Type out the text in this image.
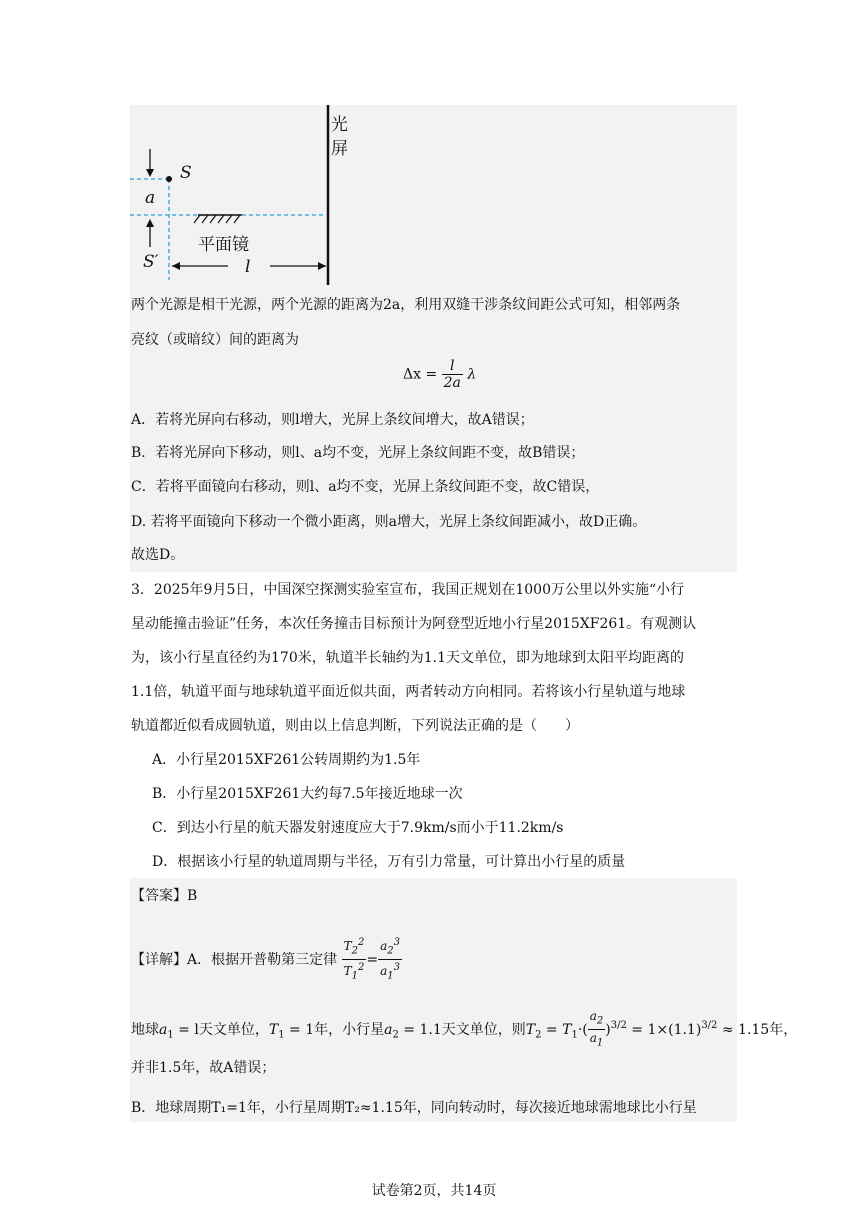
光
屏
S
a
平面镜
S′	l
两个光源是相干光源，两个光源的距离为2a，利用双缝干涉条纹间距公式可知，相邻两条
亮纹（或暗纹）间的距离为
$\Delta x = \frac{l}{2a}$ λ
A．若将光屏向右移动，则l增大，光屏上条纹间增大，故A错误；
B．若将光屏向下移动，则l、a均不变，光屏上条纹间距不变，故B错误；
C．若将平面镜向右移动，则l、a均不变，光屏上条纹间距不变，故C错误，
D. 若将平面镜向下移动一个微小距离，则a增大，光屏上条纹间距减小，故D正确。
故选D。
3．2025年9月5日，中国深空探测实验室宣布，我国正规划在1000万公里以外实施“小行
星动能撞击验证”任务，本次任务撞击目标预计为阿登型近地小行星2015XF261。有观测认
为，该小行星直径约为170米，轨道半长轴约为1.1天文单位，即为地球到太阳平均距离的
1.1倍，轨道平面与地球轨道平面近似共面，两者转动方向相同。若将该小行星轨道与地球
轨道都近似看成圆轨道，则由以上信息判断，下列说法正确的是（　　）
A．小行星2015XF261公转周期约为1.5年
B．小行星2015XF261大约每7.5年接近地球一次
C．到达小行星的航天器发射速度应大于7.9km/s而小于11.2km/s
D．根据该小行星的轨道周期与半径，万有引力常量，可计算出小行星的质量
【答案】B
【详解】A．根据开普勒第三定律 $\frac{T_2^2}{T_1^2} = \frac{a_2^3}{a_1^3}$
地球$a_1 = l$天文单位，$T_1 = 1$年，小行星$a_2 = 1.1$天文单位，则$T_2 = T_1\cdot( \frac{a_2}{a_1} )^{3/2} = 1\times(1.1)^{3/2} \approx 1.15$年，
并非1.5年，故A错误；
B．地球周期T₁=1年，小行星周期T₂≈1.15年，同向转动时，每次接近地球需地球比小行星
试卷第2页，共14页
